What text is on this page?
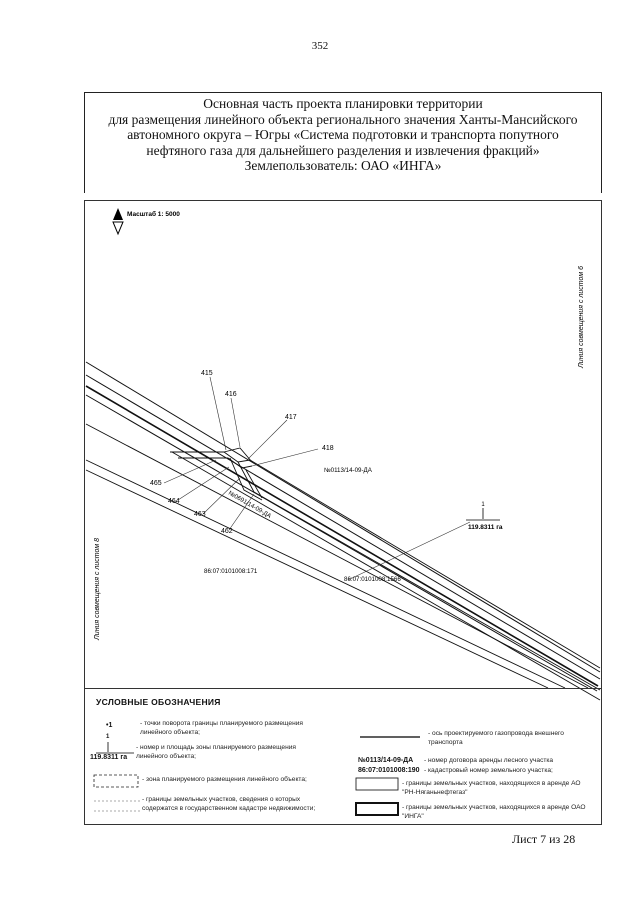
352
Основная часть проекта планировки территории
для размещения линейного объекта регионального значения Ханты-Мансийского
автономного округа – Югры «Система подготовки и транспорта попутного
нефтяного газа для дальнейшего разделения и извлечения фракций»
Землепользователь: ОАО «ИНГА»
Масштаб 1: 5000
Линия совмещения с листом 6
Линия совмещения с листом 8
415
416
417
418
465
464
463
462
№0113/14-09-ДА
№0691/14-09-ДА	1
119.8311 га
86:07:0101008:171
86:07:0101008:1566
УСЛОВНЫЕ ОБОЗНАЧЕНИЯ
•1	- точки поворота границы планируемого размещения линейного объекта;
1
119.8311 га
- номер и площадь зоны планируемого размещения линейного объекта;
- зона планируемого размещения линейного объекта;
- границы земельных участков, сведения о которых содержатся в государственном кадастре недвижимости;
- ось проектируемого газопровода внешнего транспорта
№0113/14-09-ДА - номер договора аренды лесного участка
86:07:0101008:190 - кадастровый номер земельного участка;
- границы земельных участков, находящихся в аренде АО "РН-Няганьнефтегаз"
- границы земельных участков, находящихся в аренде ОАО "ИНГА"
Лист 7 из 28
